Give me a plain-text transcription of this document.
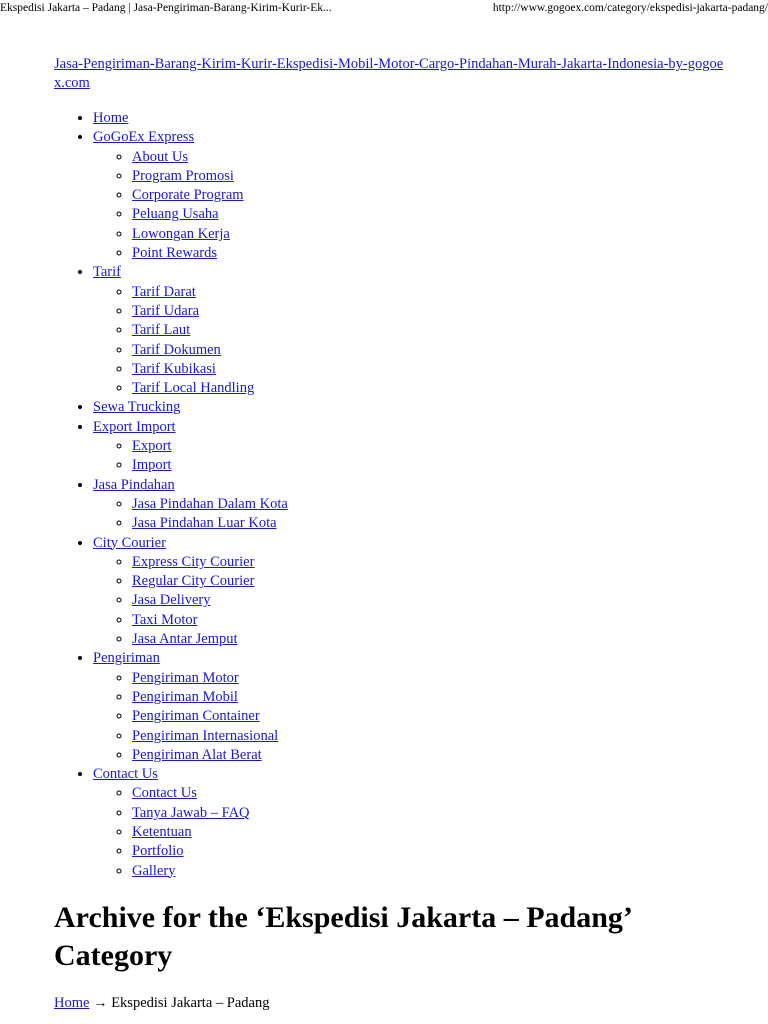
Ekspedisi Jakarta – Padang | Jasa-Pengiriman-Barang-Kirim-Kurir-Ek...	http://www.gogoex.com/category/ekspedisi-jakarta-padang/
Jasa-Pengiriman-Barang-Kirim-Kurir-Ekspedisi-Mobil-Motor-Cargo-Pindahan-Murah-Jakarta-Indonesia-by-gogoex.com
• Home
• GoGoEx Express
◦ About Us
◦ Program Promosi
◦ Corporate Program
◦ Peluang Usaha
◦ Lowongan Kerja
◦ Point Rewards
• Tarif
◦ Tarif Darat
◦ Tarif Udara
◦ Tarif Laut
◦ Tarif Dokumen
◦ Tarif Kubikasi
◦ Tarif Local Handling
• Sewa Trucking
• Export Import
◦ Export
◦ Import
• Jasa Pindahan
◦ Jasa Pindahan Dalam Kota
◦ Jasa Pindahan Luar Kota
• City Courier
◦ Express City Courier
◦ Regular City Courier
◦ Jasa Delivery
◦ Taxi Motor
◦ Jasa Antar Jemput
• Pengiriman
◦ Pengiriman Motor
◦ Pengiriman Mobil
◦ Pengiriman Container
◦ Pengiriman Internasional
◦ Pengiriman Alat Berat
• Contact Us
◦ Contact Us
◦ Tanya Jawab – FAQ
◦ Ketentuan
◦ Portfolio
◦ Gallery
Archive for the ‘Ekspedisi Jakarta – Padang’ Category
Home → Ekspedisi Jakarta – Padang
